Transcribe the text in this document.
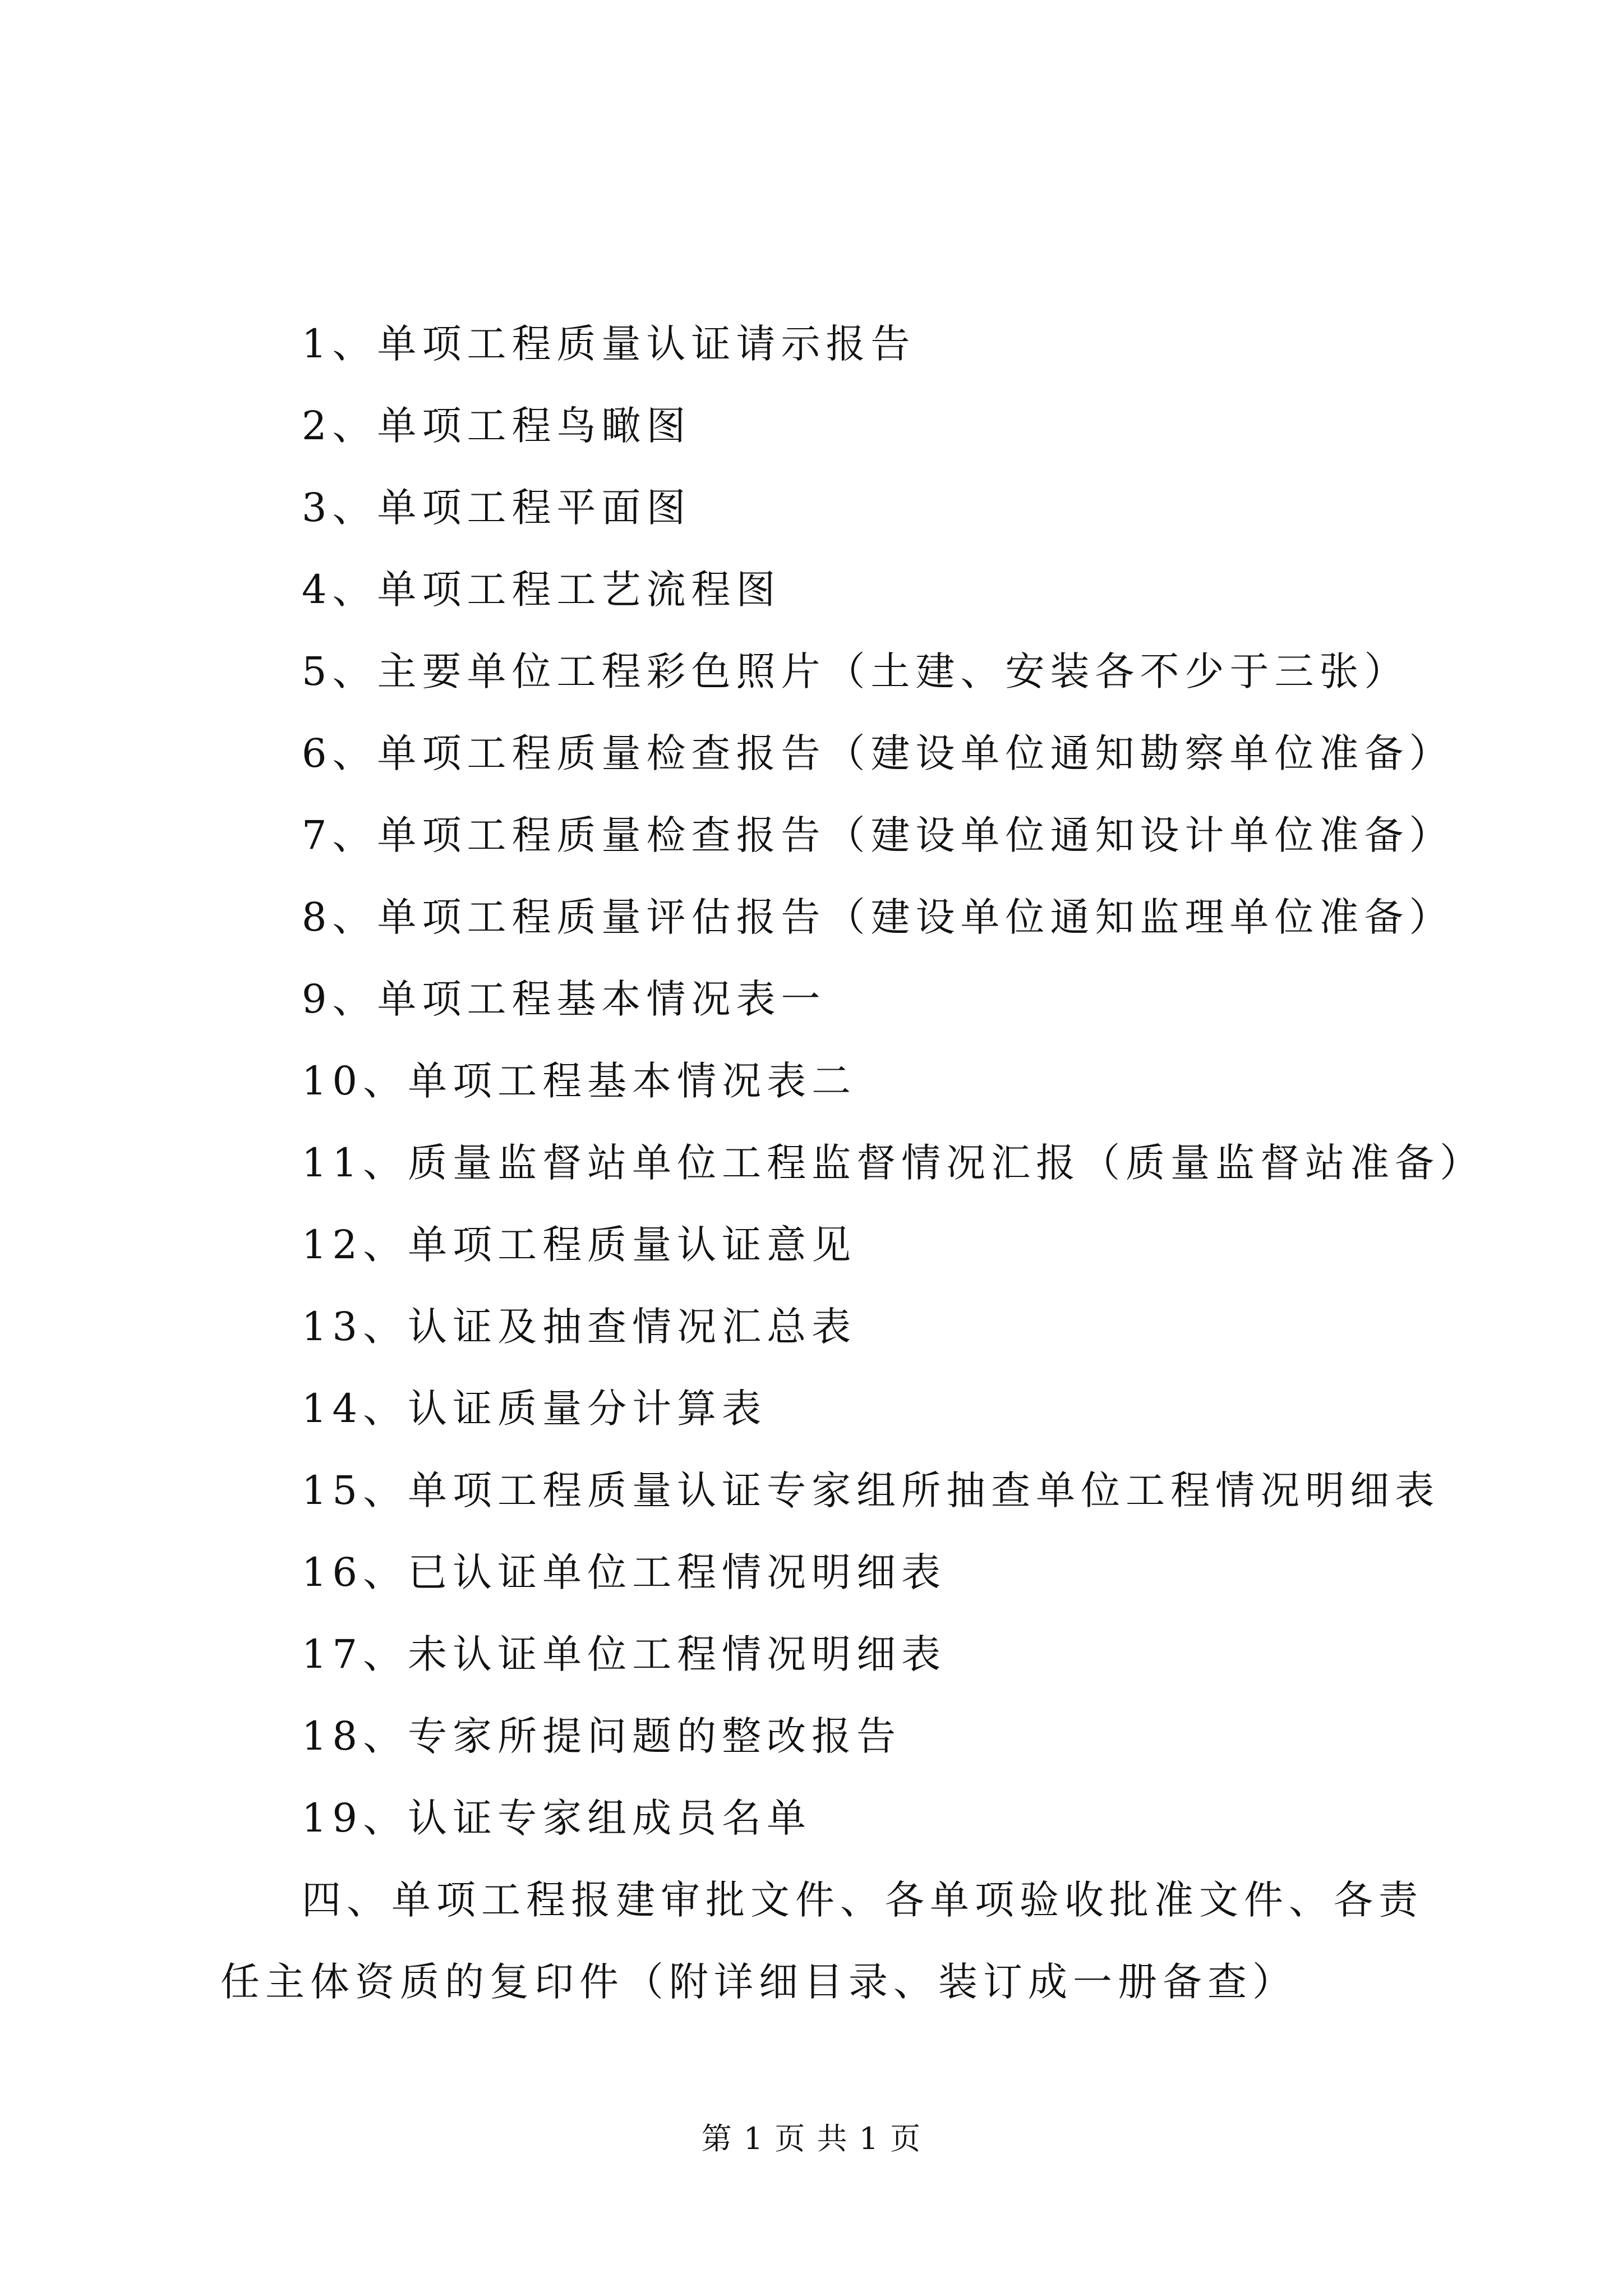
1、单项工程质量认证请示报告
2、单项工程鸟瞰图
3、单项工程平面图
4、单项工程工艺流程图
5、主要单位工程彩色照片（土建、安装各不少于三张）
6、单项工程质量检查报告（建设单位通知勘察单位准备）
7、单项工程质量检查报告（建设单位通知设计单位准备）
8、单项工程质量评估报告（建设单位通知监理单位准备）
9、单项工程基本情况表一
10、单项工程基本情况表二
11、质量监督站单位工程监督情况汇报（质量监督站准备）
12、单项工程质量认证意见
13、认证及抽查情况汇总表
14、认证质量分计算表
15、单项工程质量认证专家组所抽查单位工程情况明细表
16、已认证单位工程情况明细表
17、未认证单位工程情况明细表
18、专家所提问题的整改报告
19、认证专家组成员名单

四、单项工程报建审批文件、各单项验收批准文件、各责任主体资质的复印件（附详细目录、装订成一册备查）

第 1 页 共 1 页
